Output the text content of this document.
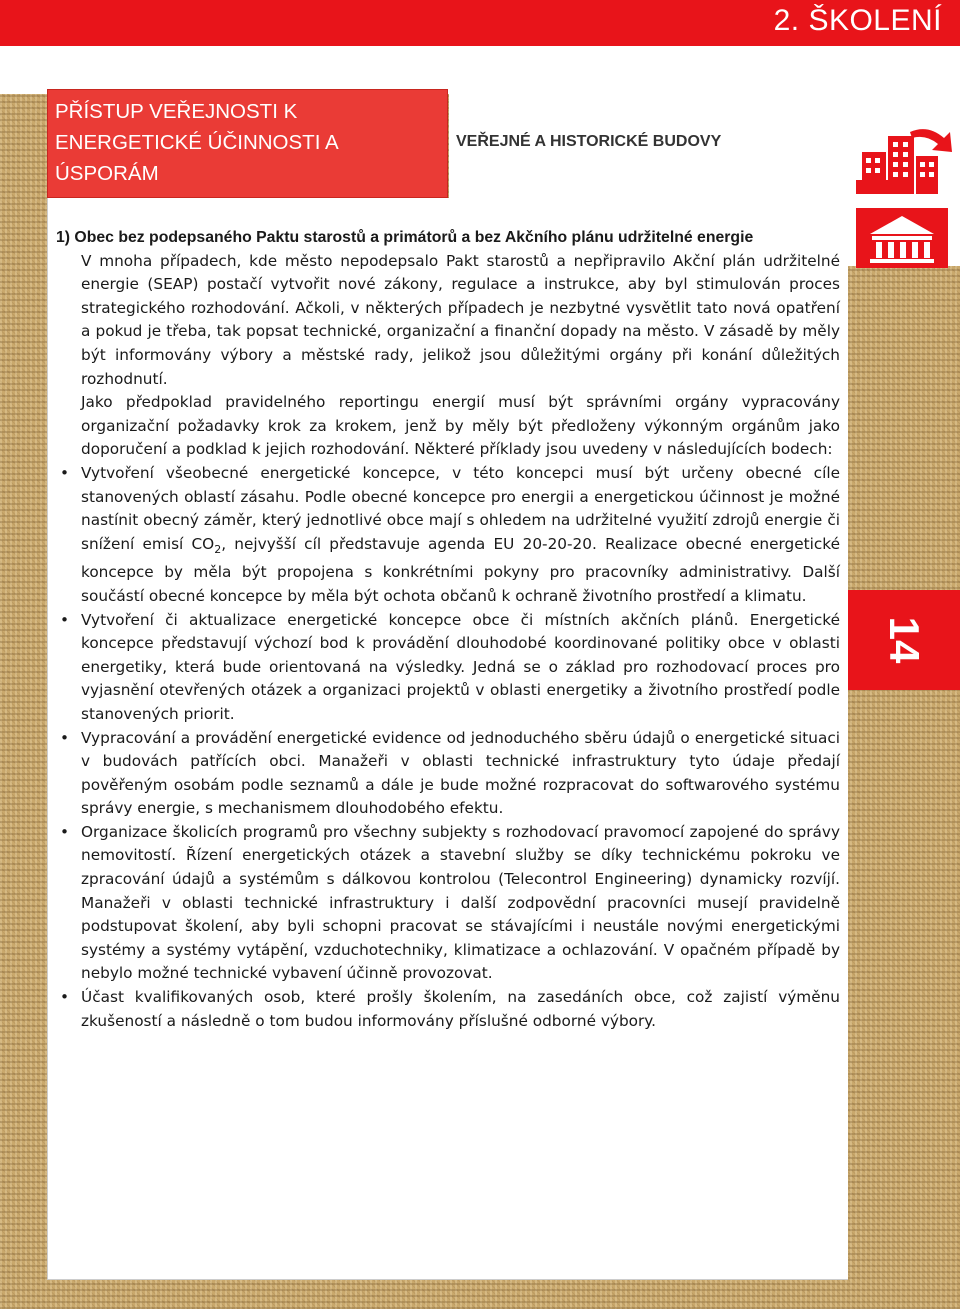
2. ŠKOLENÍ
PŘÍSTUP VEŘEJNOSTI K
ENERGETICKÉ ÚČINNOSTI A
ÚSPORÁM
VEŘEJNÉ A HISTORICKÉ BUDOVY

1) Obec bez podepsaného Paktu starostů a primátorů a bez Akčního plánu udržitelné energie

V mnoha případech, kde město nepodepsalo Pakt starostů a nepřipravilo Akční plán udržitelné energie (SEAP) postačí vytvořit nové zákony, regulace a instrukce, aby byl stimulován proces strategického rozhodování. Ačkoli, v některých případech je nezbytné vysvětlit tato nová opatření a pokud je třeba, tak popsat technické, organizační a finanční dopady na město. V zásadě by měly být informovány výbory a městské rady, jelikož jsou důležitými orgány při konání důležitých rozhodnutí.

Jako předpoklad pravidelného reportingu energií musí být správními orgány vypracovány organizační požadavky krok za krokem, jenž by měly být předloženy výkonným orgánům jako doporučení a podklad k jejich rozhodování. Některé příklady jsou uvedeny v následujících bodech:

• Vytvoření všeobecné energetické koncepce, v této koncepci musí být určeny obecné cíle stanovených oblastí zásahu. Podle obecné koncepce pro energii a energetickou účinnost je možné nastínit obecný záměr, který jednotlivé obce mají s ohledem na udržitelné využití zdrojů energie či snížení emisí $CO_2$, nejvyšší cíl představuje agenda EU 20-20-20. Realizace obecné energetické koncepce by měla být propojena s konkrétními pokyny pro pracovníky administrativy. Další součástí obecné koncepce by měla být ochota občanů k ochraně životního prostředí a klimatu.
• Vytvoření či aktualizace energetické koncepce obce či místních akčních plánů. Energetické koncepce představují výchozí bod k provádění dlouhodobé koordinované politiky obce v oblasti energetiky, která bude orientovaná na výsledky. Jedná se o základ pro rozhodovací proces pro vyjasnění otevřených otázek a organizaci projektů v oblasti energetiky a životního prostředí podle stanovených priorit.
• Vypracování a provádění energetické evidence od jednoduchého sběru údajů o energetické situaci v budovách patřících obci. Manažeři v oblasti technické infrastruktury tyto údaje předají pověřeným osobám podle seznamů a dále je bude možné rozpracovat do softwarového systému správy energie, s mechanismem dlouhodobého efektu.
• Organizace školicích programů pro všechny subjekty s rozhodovací pravomocí zapojené do správy nemovitostí. Řízení energetických otázek a stavební služby se díky technickému pokroku ve zpracování údajů a systémům s dálkovou kontrolou (Telecontrol Engineering) dynamicky rozvíjí. Manažeři v oblasti technické infrastruktury i další zodpovědní pracovníci musejí pravidelně podstupovat školení, aby byli schopni pracovat se stávajícími i neustále novými energetickými systémy a systémy vytápění, vzduchotechniky, klimatizace a ochlazování. V opačném případě by nebylo možné technické vybavení účinně provozovat.
• Účast kvalifikovaných osob, které prošly školením, na zasedáních obce, což zajistí výměnu zkušeností a následně o tom budou informovány příslušné odborné výbory.
14
